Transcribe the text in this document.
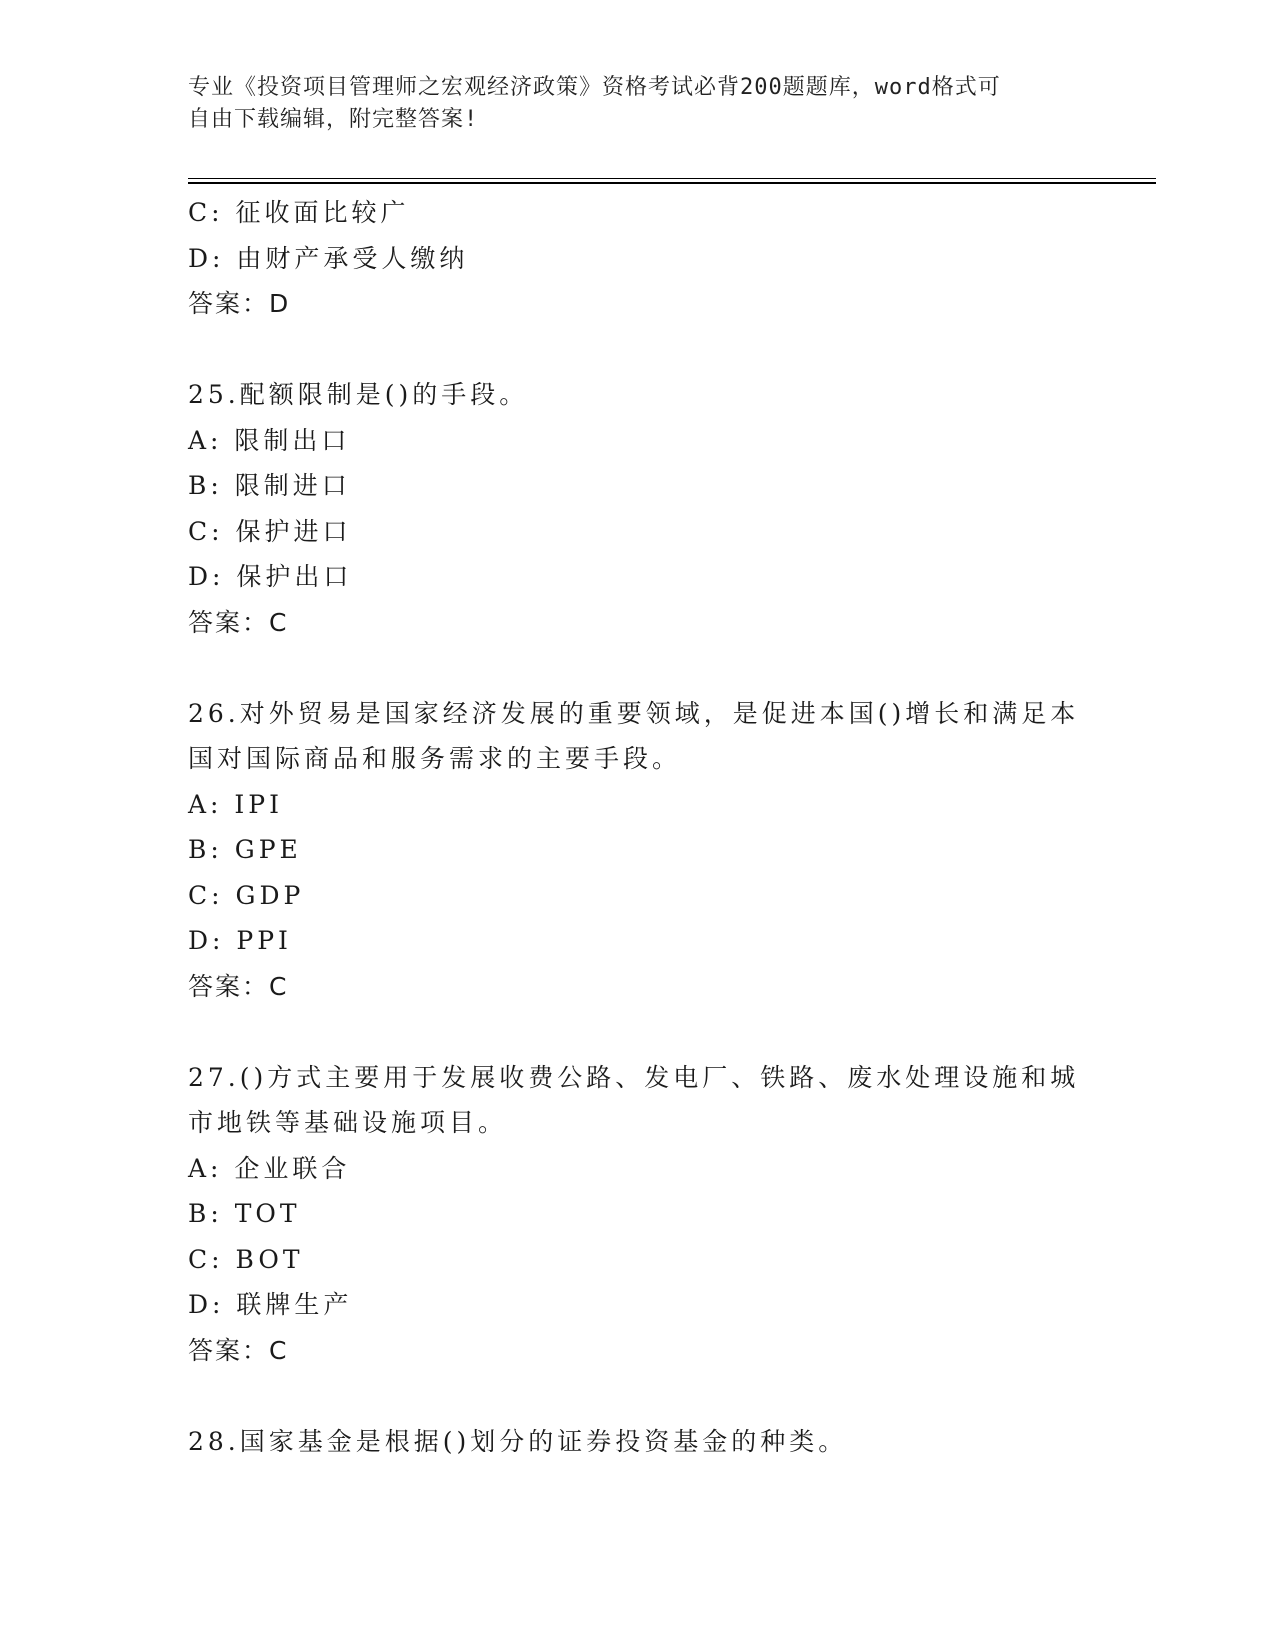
专业《投资项目管理师之宏观经济政策》资格考试必背200题题库，word格式可
自由下载编辑，附完整答案!
C: 征收面比较广
D: 由财产承受人缴纳
答案：D
25.配额限制是()的手段。
A: 限制出口
B: 限制进口
C: 保护进口
D: 保护出口
答案：C
26.对外贸易是国家经济发展的重要领域，是促进本国()增长和满足本
国对国际商品和服务需求的主要手段。
A: IPI
B: GPE
C: GDP
D: PPI
答案：C
27.()方式主要用于发展收费公路、发电厂、铁路、废水处理设施和城
市地铁等基础设施项目。
A: 企业联合
B: TOT
C: BOT
D: 联牌生产
答案：C
28.国家基金是根据()划分的证券投资基金的种类。
